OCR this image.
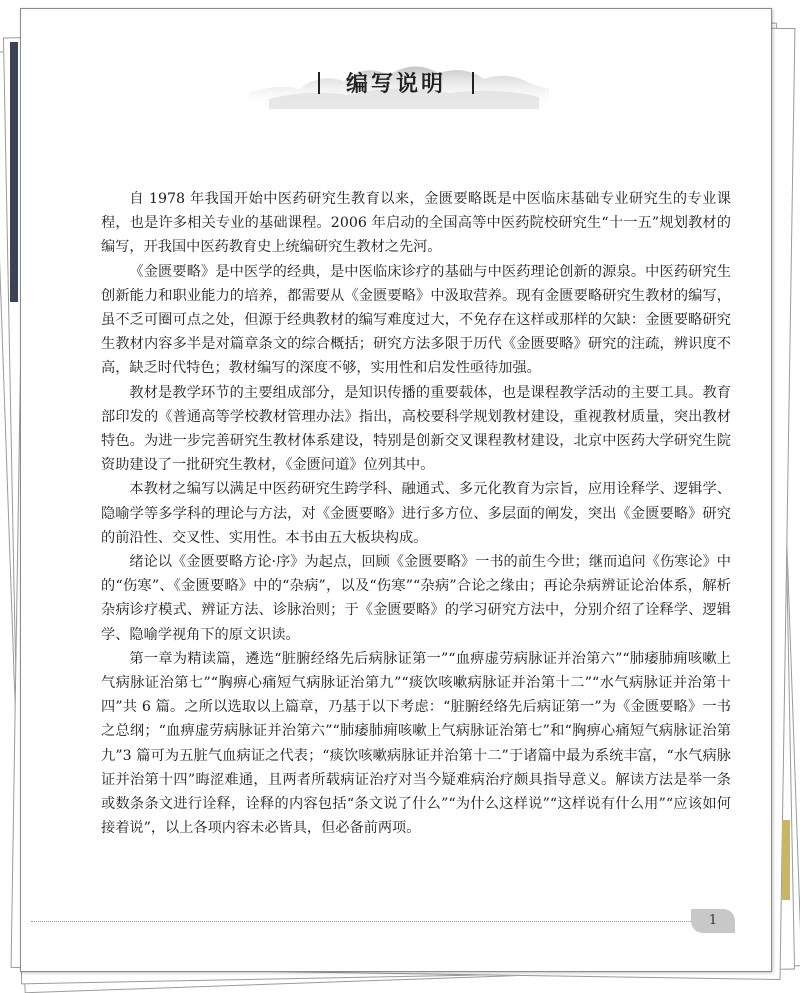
编写说明

自 1978 年我国开始中医药研究生教育以来，金匮要略既是中医临床基础专业研究生的专业课程，也是许多相关专业的基础课程。2006 年启动的全国高等中医药院校研究生“十一五”规划教材的编写，开我国中医药教育史上统编研究生教材之先河。

《金匮要略》是中医学的经典，是中医临床诊疗的基础与中医药理论创新的源泉。中医药研究生创新能力和职业能力的培养，都需要从《金匮要略》中汲取营养。现有金匮要略研究生教材的编写，虽不乏可圈可点之处，但源于经典教材的编写难度过大，不免存在这样或那样的欠缺：金匮要略研究生教材内容多半是对篇章条文的综合概括；研究方法多限于历代《金匮要略》研究的注疏，辨识度不高，缺乏时代特色；教材编写的深度不够，实用性和启发性亟待加强。

教材是教学环节的主要组成部分，是知识传播的重要载体，也是课程教学活动的主要工具。教育部印发的《普通高等学校教材管理办法》指出，高校要科学规划教材建设，重视教材质量，突出教材特色。为进一步完善研究生教材体系建设，特别是创新交叉课程教材建设，北京中医药大学研究生院资助建设了一批研究生教材，《金匮问道》位列其中。

本教材之编写以满足中医药研究生跨学科、融通式、多元化教育为宗旨，应用诠释学、逻辑学、隐喻学等多学科的理论与方法，对《金匮要略》进行多方位、多层面的阐发，突出《金匮要略》研究的前沿性、交叉性、实用性。本书由五大板块构成。

绪论以《金匮要略方论·序》为起点，回顾《金匮要略》一书的前生今世；继而追问《伤寒论》中的“伤寒”、《金匮要略》中的“杂病”，以及“伤寒”“杂病”合论之缘由；再论杂病辨证论治体系，解析杂病诊疗模式、辨证方法、诊脉治则；于《金匮要略》的学习研究方法中，分别介绍了诠释学、逻辑学、隐喻学视角下的原文识读。

第一章为精读篇，遴选“脏腑经络先后病脉证第一”“血痹虚劳病脉证并治第六”“肺痿肺痈咳嗽上气病脉证治第七”“胸痹心痛短气病脉证治第九”“痰饮咳嗽病脉证并治第十二”“水气病脉证并治第十四”共 6 篇。之所以选取以上篇章，乃基于以下考虑：“脏腑经络先后病证第一”为《金匮要略》一书之总纲；“血痹虚劳病脉证并治第六”“肺痿肺痈咳嗽上气病脉证治第七”和“胸痹心痛短气病脉证治第九”3 篇可为五脏气血病证之代表；“痰饮咳嗽病脉证并治第十二”于诸篇中最为系统丰富，“水气病脉证并治第十四”晦涩难通，且两者所载病证治疗对当今疑难病治疗颇具指导意义。解读方法是举一条或数条条文进行诠释，诠释的内容包括“条文说了什么”“为什么这样说”“这样说有什么用”“应该如何接着说”，以上各项内容未必皆具，但必备前两项。

1
